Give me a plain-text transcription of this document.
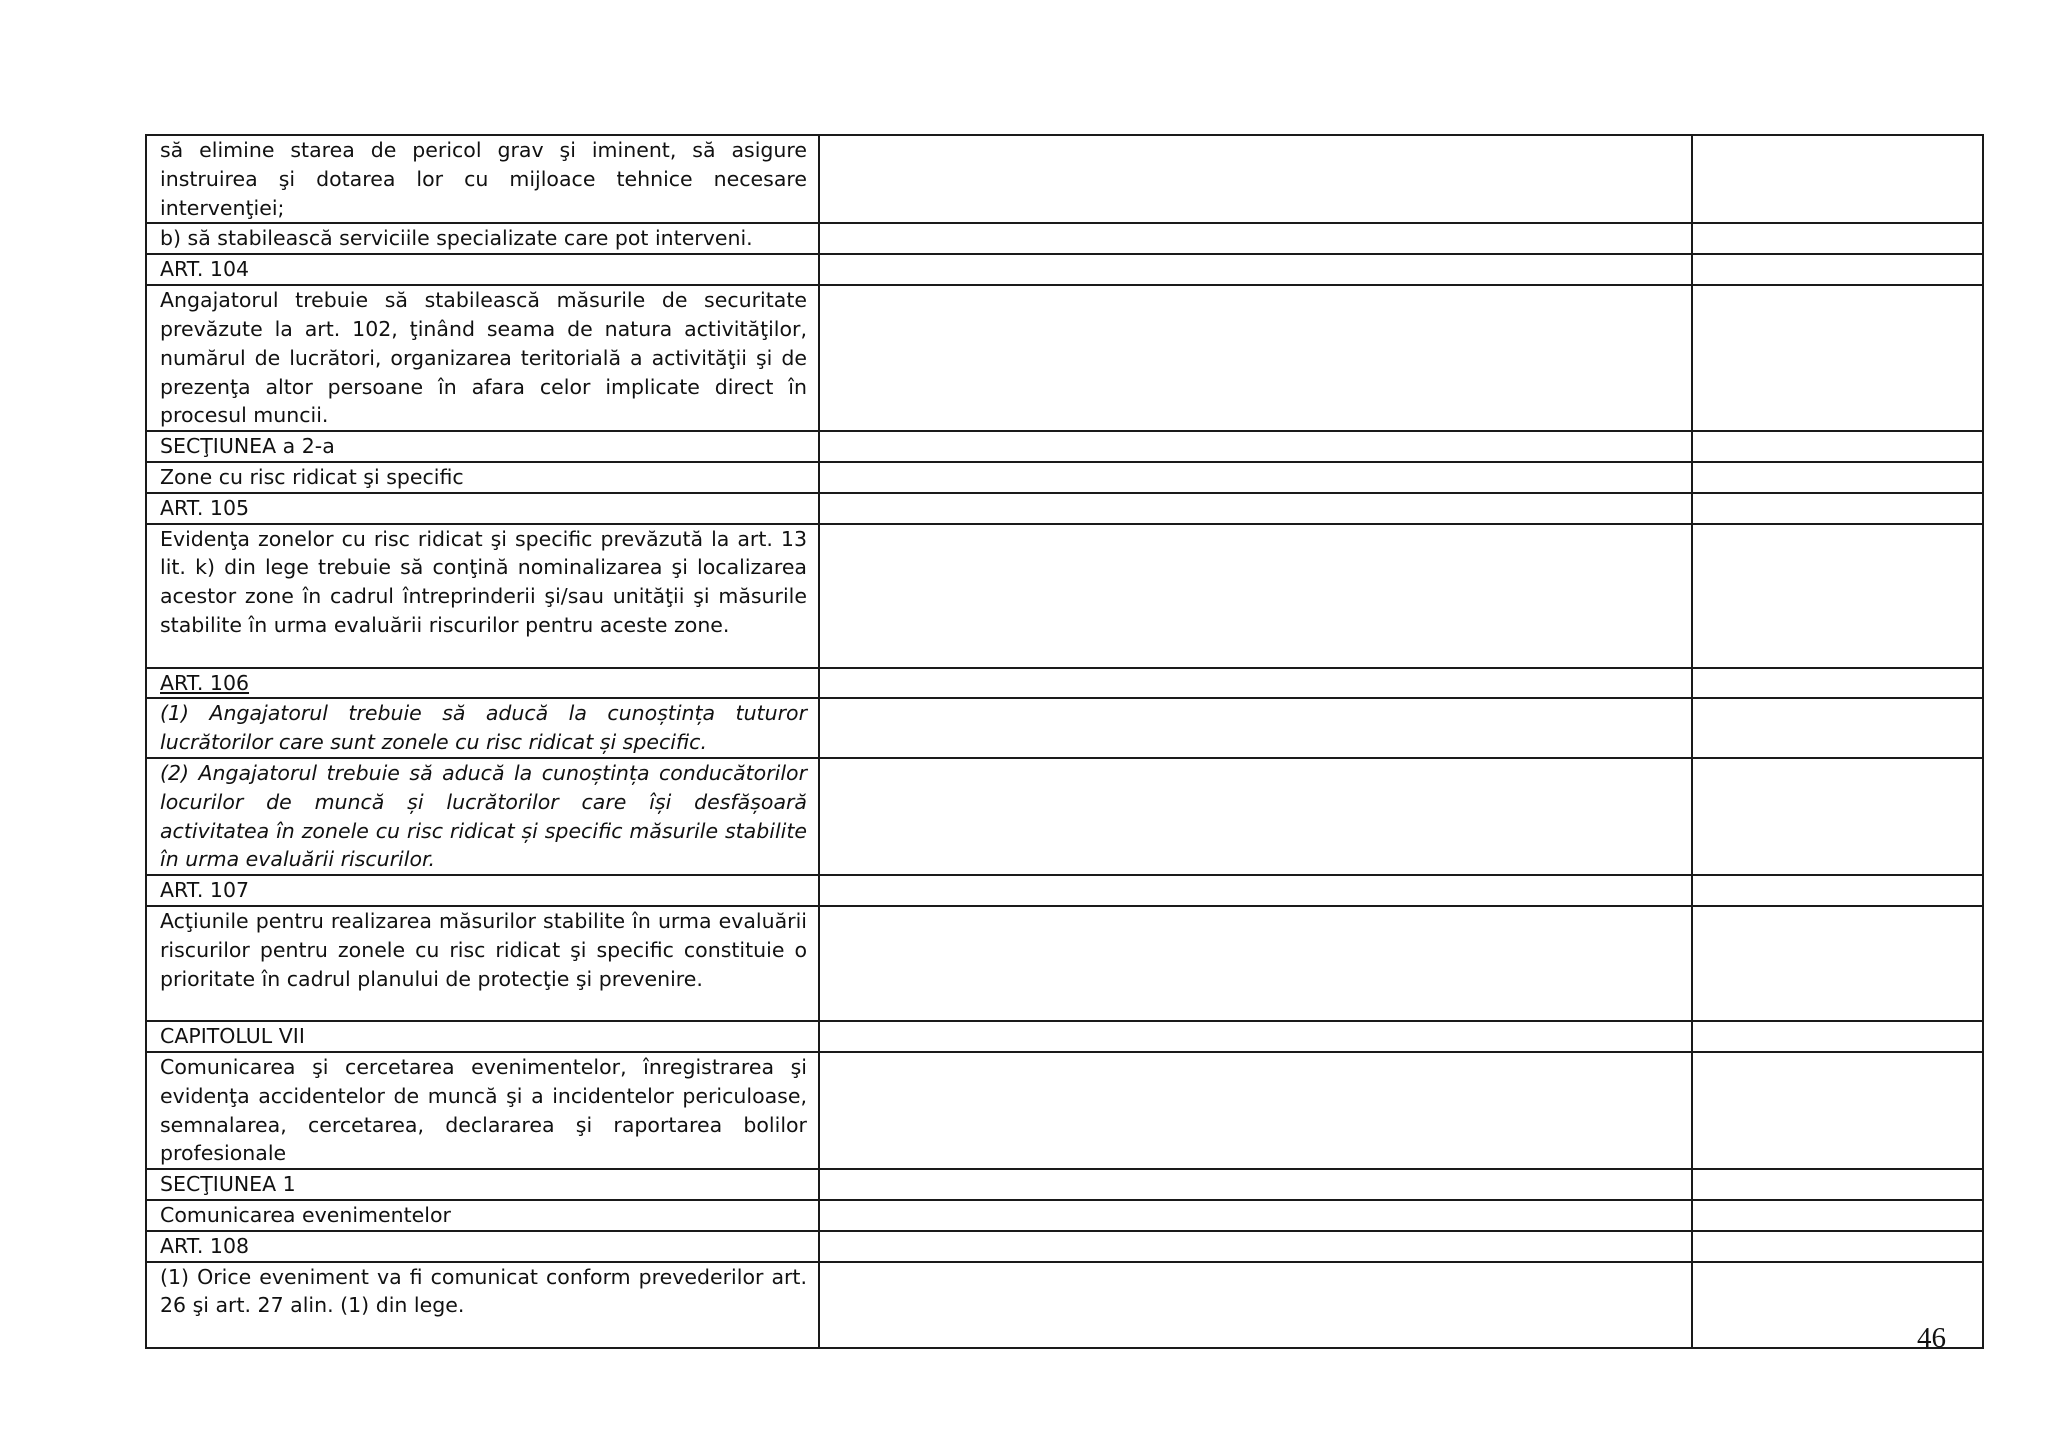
să elimine starea de pericol grav şi iminent, să asigure instruirea şi dotarea lor cu mijloace tehnice necesare intervenţiei;		

b) să stabilească serviciile specializate care pot interveni.		

ART. 104		

Angajatorul trebuie să stabilească măsurile de securitate prevăzute la art. 102, ţinând seama de natura activităţilor, numărul de lucrători, organizarea teritorială a activităţii şi de prezenţa altor persoane în afara celor implicate direct în procesul muncii.		

SECŢIUNEA a 2-a		

Zone cu risc ridicat şi specific		

ART. 105		

Evidenţa zonelor cu risc ridicat şi specific prevăzută la art. 13 lit. k) din lege trebuie să conţină nominalizarea şi localizarea acestor zone în cadrul întreprinderii şi/sau unităţii şi măsurile stabilite în urma evaluării riscurilor pentru aceste zone.		

ART. 106		

(1) Angajatorul trebuie să aducă la cunoștința tuturor lucrătorilor care sunt zonele cu risc ridicat și specific.		

(2) Angajatorul trebuie să aducă la cunoștința conducătorilor locurilor de muncă și lucrătorilor care își desfășoară activitatea în zonele cu risc ridicat și specific măsurile stabilite în urma evaluării riscurilor.		

ART. 107		

Acţiunile pentru realizarea măsurilor stabilite în urma evaluării riscurilor pentru zonele cu risc ridicat şi specific constituie o prioritate în cadrul planului de protecţie şi prevenire.		

CAPITOLUL VII		

Comunicarea şi cercetarea evenimentelor, înregistrarea şi evidenţa accidentelor de muncă şi a incidentelor periculoase, semnalarea, cercetarea, declararea şi raportarea bolilor profesionale		

SECŢIUNEA 1		

Comunicarea evenimentelor		

ART. 108		

(1) Orice eveniment va fi comunicat conform prevederilor art. 26 şi art. 27 alin. (1) din lege.		

46
